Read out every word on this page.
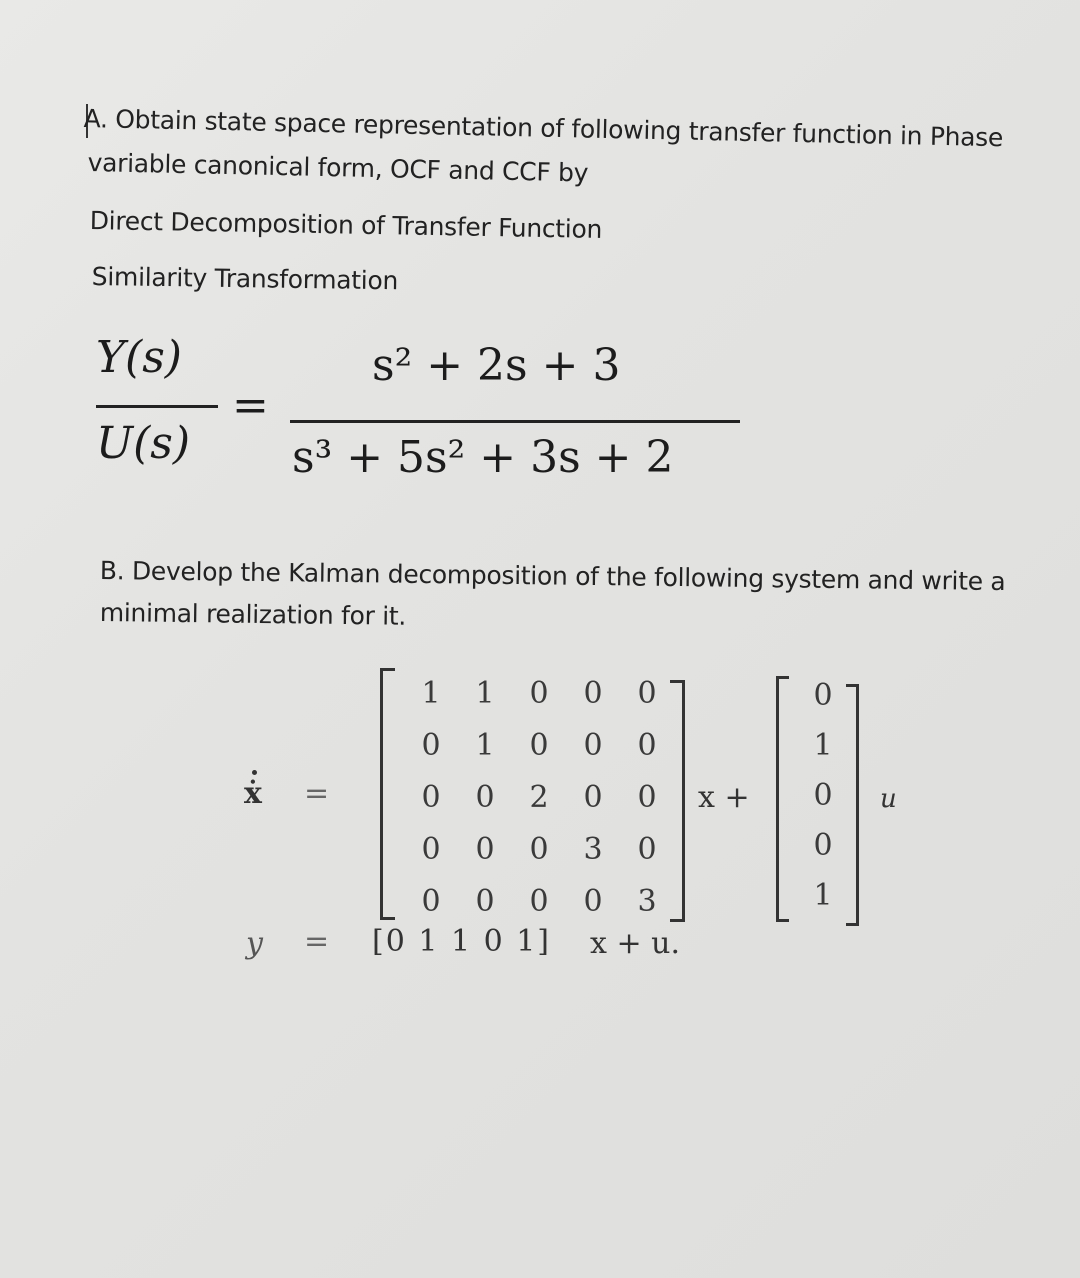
A. Obtain state space representation of following transfer function in Phase
variable canonical form, OCF and CCF by
Direct Decomposition of Transfer Function
Similarity Transformation
Y(s)
U(s)
=
s² + 2s + 3
s³ + 5s² + 3s + 2
B. Develop the Kalman decomposition of the following system and write a
minimal realization for it.
ẋ =
1	1	0	0	0
0	1	0	0	0
0	0	2	0	0
0	0	0	3	0
0	0	0	0	3
x +
0
1
0
0
1
u
y = [0 1 1 0 1] x + u.
